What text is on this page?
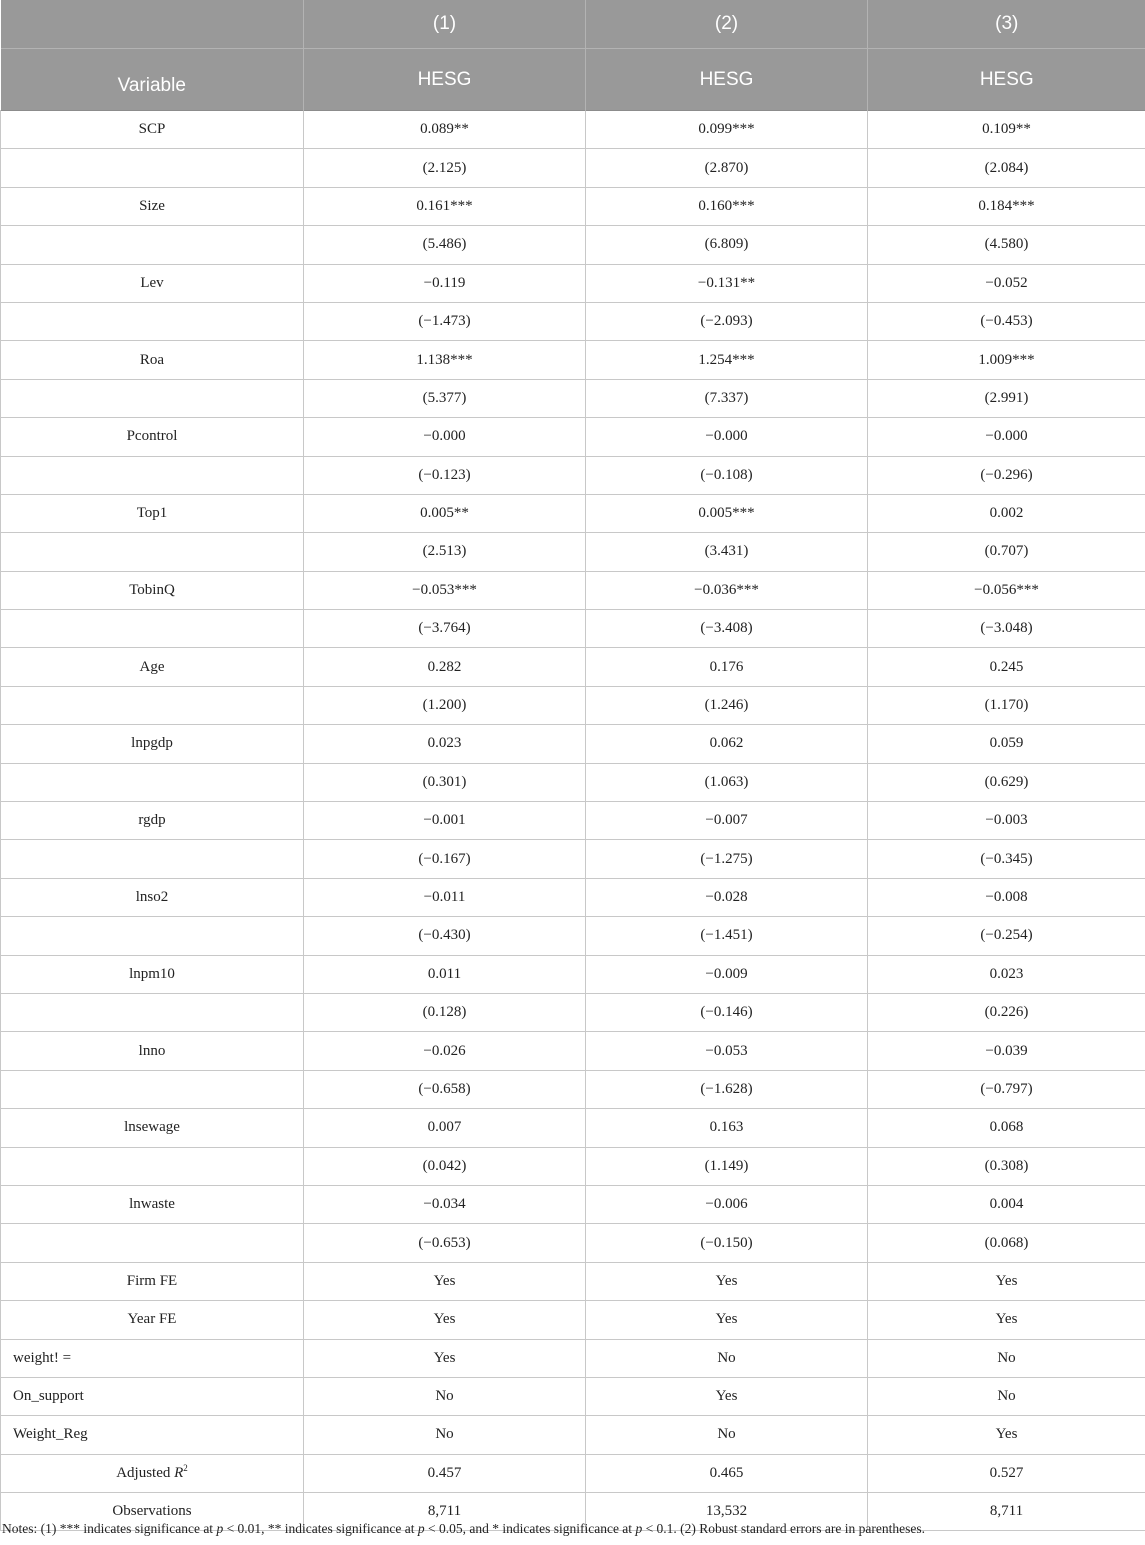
	(1)	(2)	(3)
Variable	HESG	HESG	HESG
SCP	0.089**	0.099***	0.109**
	(2.125)	(2.870)	(2.084)
Size	0.161***	0.160***	0.184***
	(5.486)	(6.809)	(4.580)
Lev	−0.119	−0.131**	−0.052
	(−1.473)	(−2.093)	(−0.453)
Roa	1.138***	1.254***	1.009***
	(5.377)	(7.337)	(2.991)
Pcontrol	−0.000	−0.000	−0.000
	(−0.123)	(−0.108)	(−0.296)
Top1	0.005**	0.005***	0.002
	(2.513)	(3.431)	(0.707)
TobinQ	−0.053***	−0.036***	−0.056***
	(−3.764)	(−3.408)	(−3.048)
Age	0.282	0.176	0.245
	(1.200)	(1.246)	(1.170)
lnpgdp	0.023	0.062	0.059
	(0.301)	(1.063)	(0.629)
rgdp	−0.001	−0.007	−0.003
	(−0.167)	(−1.275)	(−0.345)
lnso2	−0.011	−0.028	−0.008
	(−0.430)	(−1.451)	(−0.254)
lnpm10	0.011	−0.009	0.023
	(0.128)	(−0.146)	(0.226)
lnno	−0.026	−0.053	−0.039
	(−0.658)	(−1.628)	(−0.797)
lnsewage	0.007	0.163	0.068
	(0.042)	(1.149)	(0.308)
lnwaste	−0.034	−0.006	0.004
	(−0.653)	(−0.150)	(0.068)
Firm FE	Yes	Yes	Yes
Year FE	Yes	Yes	Yes
weight! =	Yes	No	No
On_support	No	Yes	No
Weight_Reg	No	No	Yes
Adjusted $R^2$	0.457	0.465	0.527
Observations	8,711	13,532	8,711
Notes: (1) *** indicates significance at p < 0.01, ** indicates significance at p < 0.05, and * indicates significance at p < 0.1. (2) Robust standard errors are in parentheses.
